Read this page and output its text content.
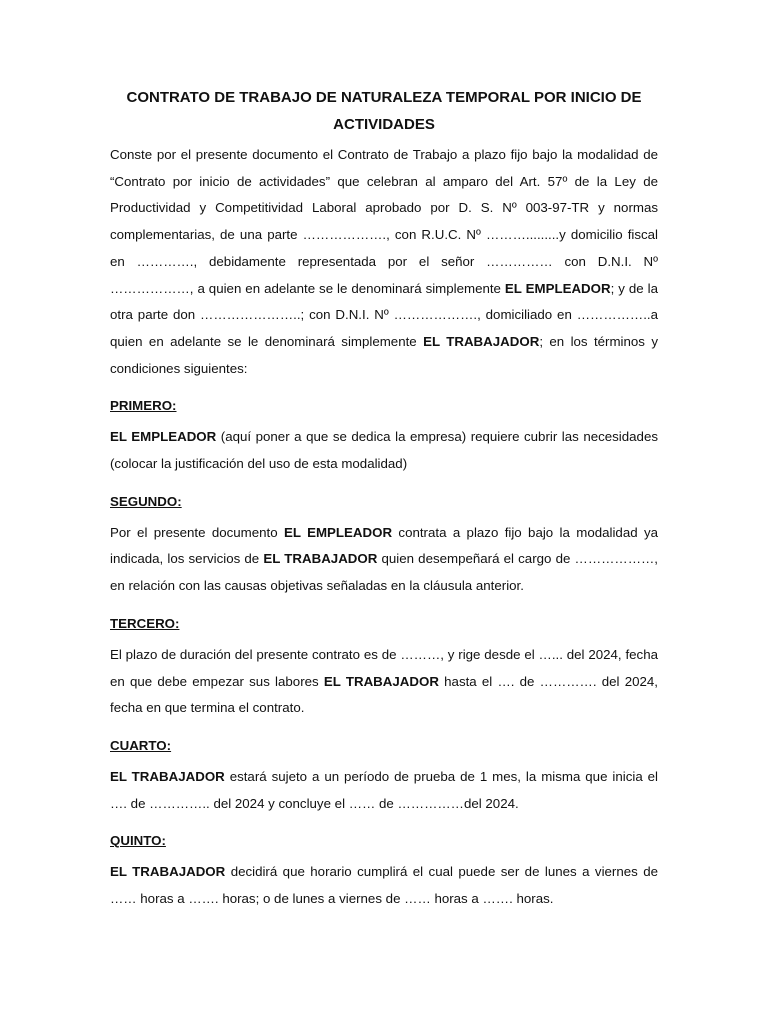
CONTRATO DE TRABAJO DE NATURALEZA TEMPORAL POR INICIO DE
ACTIVIDADES

Conste por el presente documento el Contrato de Trabajo a plazo fijo bajo la modalidad de “Contrato por inicio de actividades” que celebran al amparo del Art. 57º de la Ley de Productividad y Competitividad Laboral aprobado por D. S. Nº 003-97-TR y normas complementarias, de una parte ………………., con R.U.C. Nº ……….........y domicilio fiscal en …………., debidamente representada por el señor …………… con D.N.I. Nº ………………, a quien en adelante se le denominará simplemente EL EMPLEADOR; y de la otra parte don …………………..; con D.N.I. Nº ………………., domiciliado en ……………..a quien en adelante se le denominará simplemente EL TRABAJADOR; en los términos y condiciones siguientes:

PRIMERO:

EL EMPLEADOR (aquí poner a que se dedica la empresa) requiere cubrir las necesidades (colocar la justificación del uso de esta modalidad)

SEGUNDO:

Por el presente documento EL EMPLEADOR contrata a plazo fijo bajo la modalidad ya indicada, los servicios de EL TRABAJADOR quien desempeñará el cargo de ………………, en relación con las causas objetivas señaladas en la cláusula anterior.

TERCERO:

El plazo de duración del presente contrato es de ………, y rige desde el …... del 2024, fecha en que debe empezar sus labores EL TRABAJADOR hasta el …. de …………. del 2024, fecha en que termina el contrato.

CUARTO:

EL TRABAJADOR estará sujeto a un período de prueba de 1 mes, la misma que inicia el …. de ………….. del 2024 y concluye el …… de ……………del 2024.

QUINTO:

EL TRABAJADOR decidirá que horario cumplirá el cual puede ser de lunes a viernes de …… horas a ……. horas; o de lunes a viernes de …… horas a ……. horas.
